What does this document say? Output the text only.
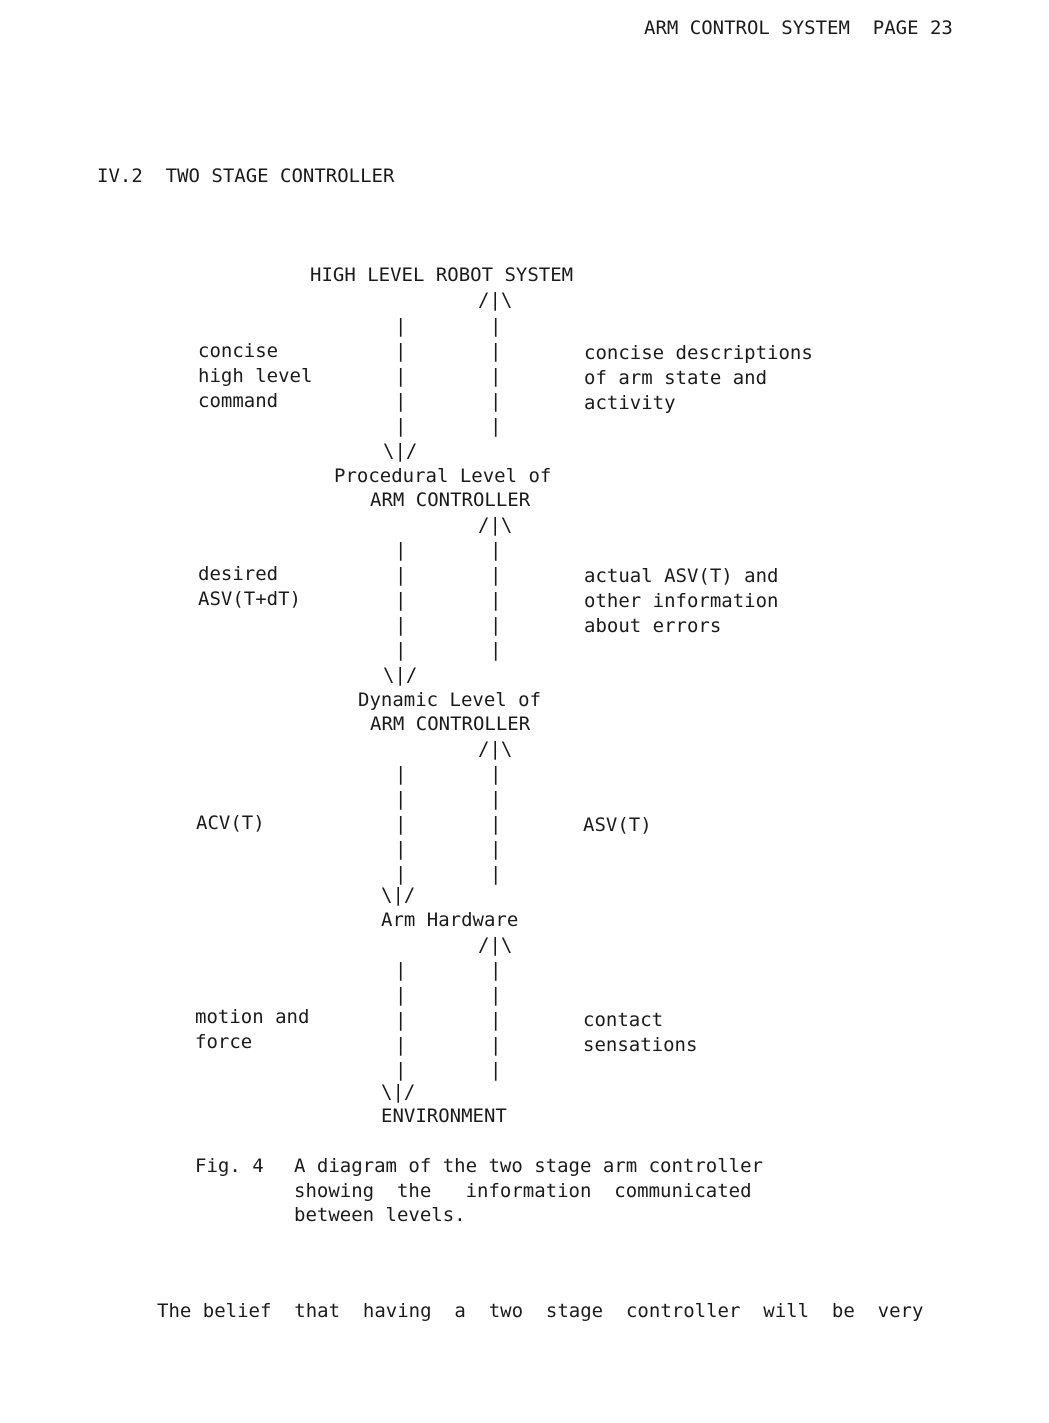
ARM CONTROL SYSTEM  PAGE 23
IV.2  TWO STAGE CONTROLLER
HIGH LEVEL ROBOT SYSTEM
/|\
|
|
|
|
|
|
|
|
|
|
concise
high level
command
concise descriptions
of arm state and
activity
\|/
Procedural Level of
ARM CONTROLLER
/|\
|
|
|
|
|
|
|
|
|
|
desired
ASV(T+dT)
actual ASV(T) and
other information
about errors
\|/
Dynamic Level of
ARM CONTROLLER
/|\
|
|
|
|
|
|
|
|
|
|
ACV(T)	ASV(T)
\|/
Arm Hardware
/|\
|
|
|
|
|
|
|
|
|
|
motion and
force
contact
sensations
\|/
ENVIRONMENT
Fig. 4 A diagram of the two stage arm controller
showing  the   information  communicated
between levels.
The belief  that  having  a  two  stage  controller  will  be  very
